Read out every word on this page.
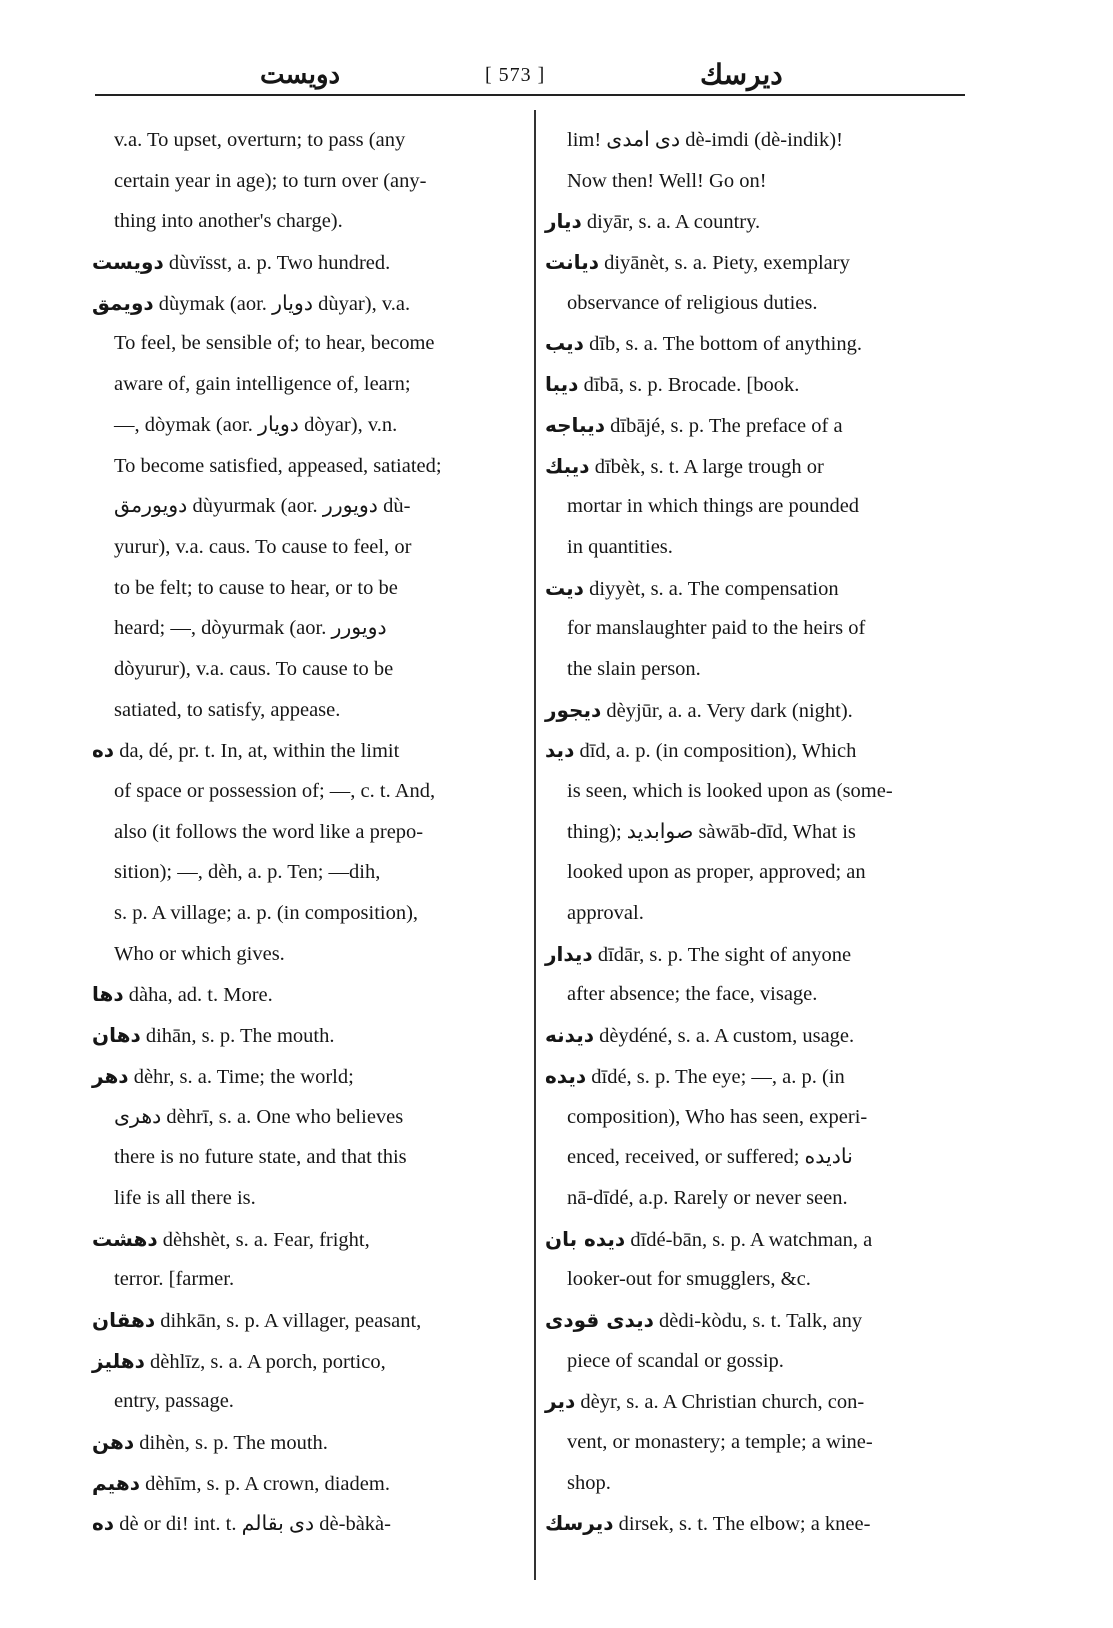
دویست	[ 573 ]	دیرسك
v.a. To upset, overturn; to pass (any
certain year in age); to turn over (any-
thing into another's charge).
دویست dùvïsst, a. p. Two hundred.
دویمق dùymak (aor. دویار dùyar), v.a.
To feel, be sensible of; to hear, become
aware of, gain intelligence of, learn;
—, dòymak (aor. دویار dòyar), v.n.
To become satisfied, appeased, satiated;
دویورمق dùyurmak (aor. دویورر dù-
yurur), v.a. caus. To cause to feel, or
to be felt; to cause to hear, or to be
heard; —, dòyurmak (aor. دویورر
dòyurur), v.a. caus. To cause to be
satiated, to satisfy, appease.
ده da, dé, pr. t. In, at, within the limit
of space or possession of; —, c. t. And,
also (it follows the word like a prepo-
sition); —, dèh, a. p. Ten; —dih,
s. p. A village; a. p. (in composition),
Who or which gives.
دها dàha, ad. t. More.
دهان dihān, s. p. The mouth.
دهر dèhr, s. a. Time; the world;
دهری dèhrī, s. a. One who believes
there is no future state, and that this
life is all there is.
دهشت dèhshèt, s. a. Fear, fright,
terror. [farmer.
دهقان dihkān, s. p. A villager, peasant,
دهلیز dèhlīz, s. a. A porch, portico,
entry, passage.
دهن dihèn, s. p. The mouth.
دهیم dèhīm, s. p. A crown, diadem.
ده dè or di! int. t. دی بقالم dè-bàkà-
lim! دی امدی dè-imdi (dè-indik)!
Now then! Well! Go on!
دیار diyār, s. a. A country.
دیانت diyānèt, s. a. Piety, exemplary
observance of religious duties.
دیب dīb, s. a. The bottom of anything.
دیبا dībā, s. p. Brocade. [book.
دیباجه dībājé, s. p. The preface of a
دیبك dībèk, s. t. A large trough or
mortar in which things are pounded
in quantities.
دیت diyyèt, s. a. The compensation
for manslaughter paid to the heirs of
the slain person.
دیجور dèyjūr, a. a. Very dark (night).
دید dīd, a. p. (in composition), Which
is seen, which is looked upon as (some-
thing); صوابدید sàwāb-dīd, What is
looked upon as proper, approved; an
approval.
دیدار dīdār, s. p. The sight of anyone
after absence; the face, visage.
دیدنه dèydéné, s. a. A custom, usage.
دیده dīdé, s. p. The eye; —, a. p. (in
composition), Who has seen, experi-
enced, received, or suffered; نادیده
nā-dīdé, a.p. Rarely or never seen.
دیده بان dīdé-bān, s. p. A watchman, a
looker-out for smugglers, &c.
دیدی قودی dèdi-kòdu, s. t. Talk, any
piece of scandal or gossip.
دیر dèyr, s. a. A Christian church, con-
vent, or monastery; a temple; a wine-
shop.
دیرسك dirsek, s. t. The elbow; a knee-
